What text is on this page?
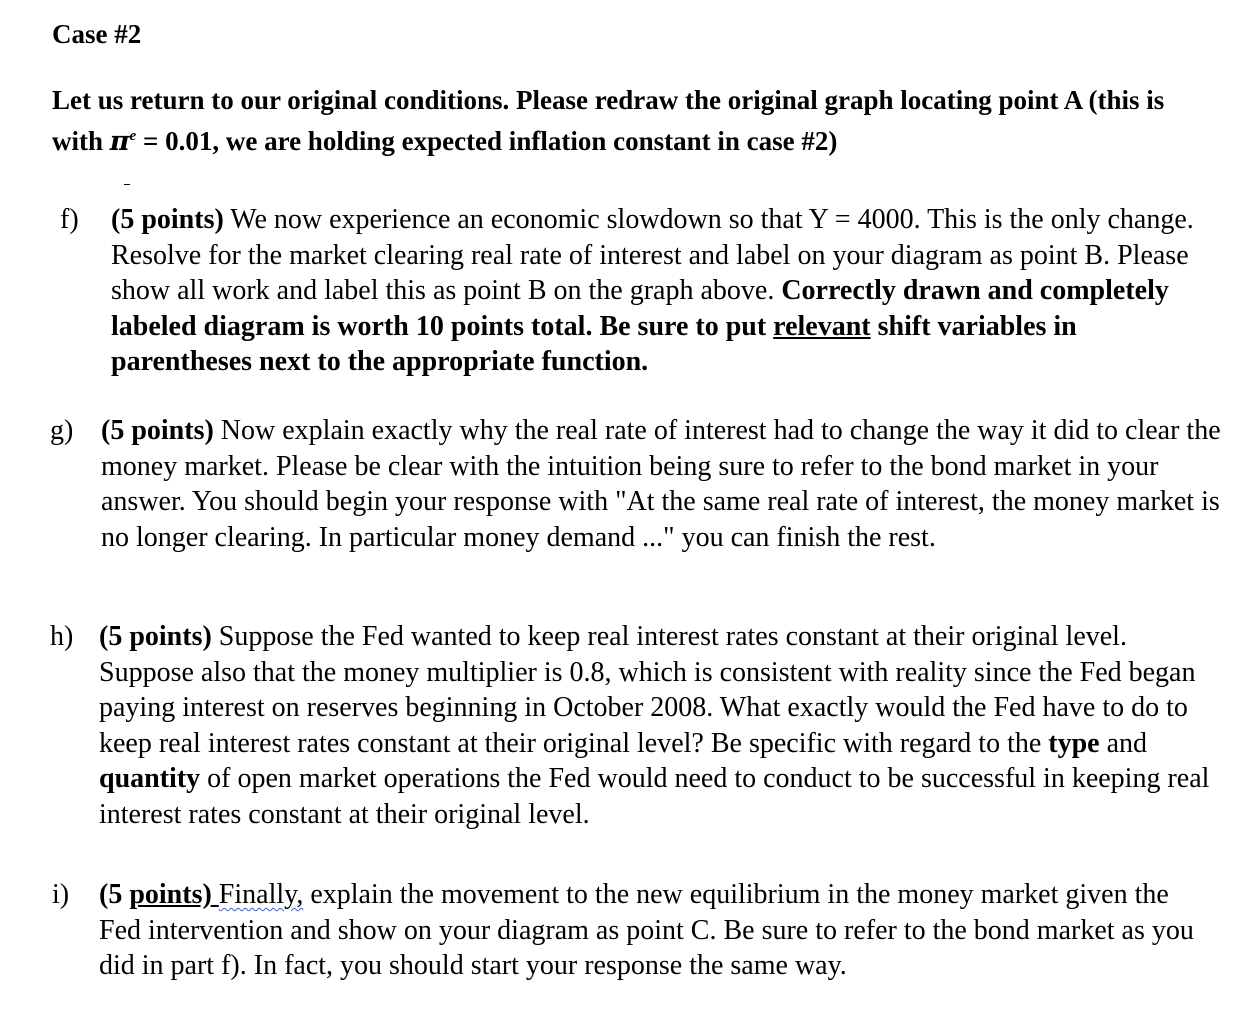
Case #2
Let us return to our original conditions. Please redraw the original graph locating point A (this is with $\pi^e = 0.01$, we are holding expected inflation constant in case #2)
f) (5 points) We now experience an economic slowdown so that Y = 4000. This is the only change. Resolve for the market clearing real rate of interest and label on your diagram as point B. Please show all work and label this as point B on the graph above. Correctly drawn and completely labeled diagram is worth 10 points total. Be sure to put relevant shift variables in parentheses next to the appropriate function.
g) (5 points) Now explain exactly why the real rate of interest had to change the way it did to clear the money market. Please be clear with the intuition being sure to refer to the bond market in your answer. You should begin your response with "At the same real rate of interest, the money market is no longer clearing. In particular money demand ..." you can finish the rest.
h) (5 points) Suppose the Fed wanted to keep real interest rates constant at their original level. Suppose also that the money multiplier is 0.8, which is consistent with reality since the Fed began paying interest on reserves beginning in October 2008. What exactly would the Fed have to do to keep real interest rates constant at their original level? Be specific with regard to the type and quantity of open market operations the Fed would need to conduct to be successful in keeping real interest rates constant at their original level.
i) (5 points) Finally, explain the movement to the new equilibrium in the money market given the Fed intervention and show on your diagram as point C. Be sure to refer to the bond market as you did in part f). In fact, you should start your response the same way.
